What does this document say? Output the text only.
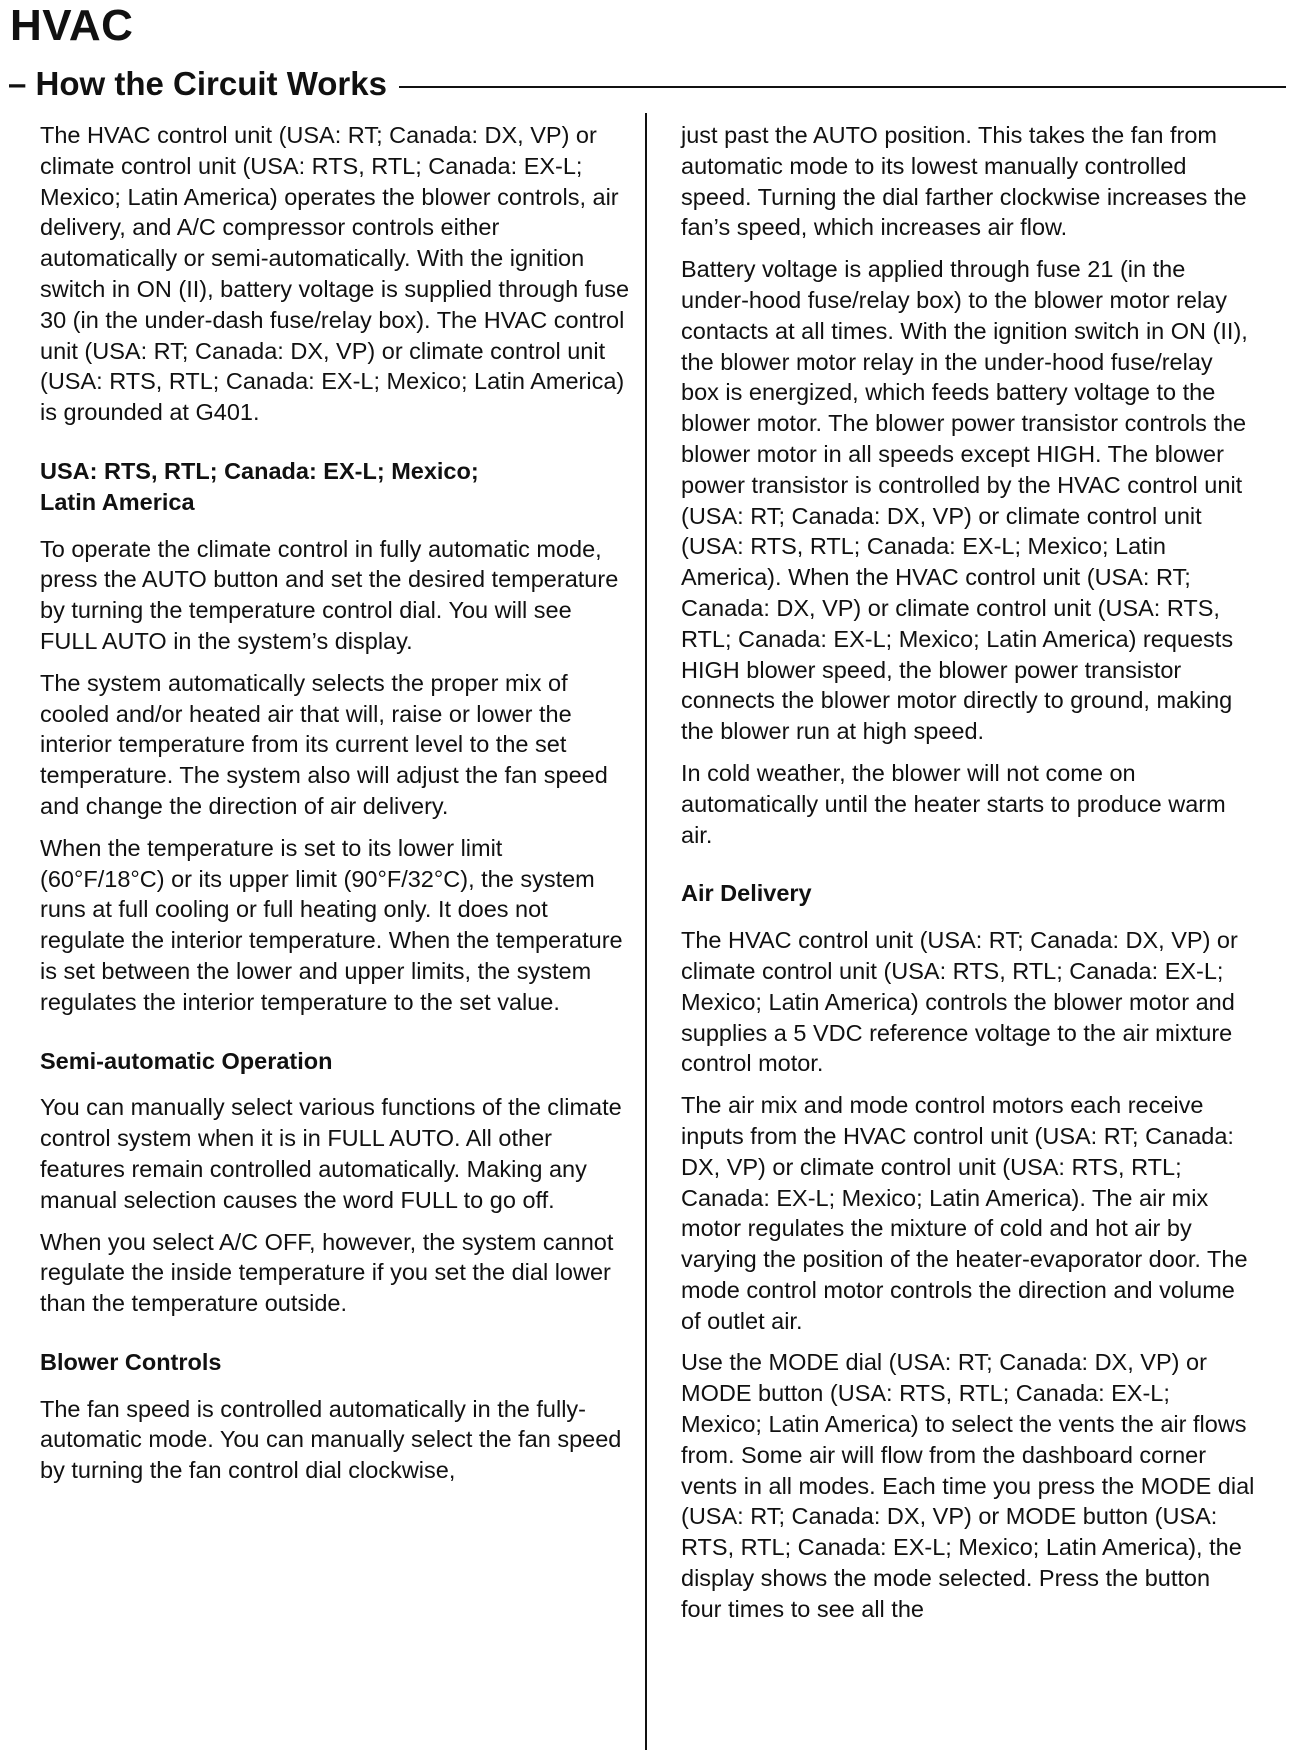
HVAC
– How the Circuit Works

The HVAC control unit (USA: RT; Canada: DX, VP) or climate control unit (USA: RTS, RTL; Canada: EX-L; Mexico; Latin America) operates the blower controls, air delivery, and A/C compressor controls either automatically or semi-automatically. With the ignition switch in ON (II), battery voltage is supplied through fuse 30 (in the under-dash fuse/relay box). The HVAC control unit (USA: RT; Canada: DX, VP) or climate control unit (USA: RTS, RTL; Canada: EX-L; Mexico; Latin America) is grounded at G401.

USA: RTS, RTL; Canada: EX-L; Mexico;
Latin America

To operate the climate control in fully automatic mode, press the AUTO button and set the desired temperature by turning the temperature control dial. You will see FULL AUTO in the system’s display.

The system automatically selects the proper mix of cooled and/or heated air that will, raise or lower the interior temperature from its current level to the set temperature. The system also will adjust the fan speed and change the direction of air delivery.

When the temperature is set to its lower limit (60°F/18°C) or its upper limit (90°F/32°C), the system runs at full cooling or full heating only. It does not regulate the interior temperature. When the temperature is set between the lower and upper limits, the system regulates the interior temperature to the set value.

Semi-automatic Operation

You can manually select various functions of the climate control system when it is in FULL AUTO. All other features remain controlled automatically. Making any manual selection causes the word FULL to go off.

When you select A/C OFF, however, the system cannot regulate the inside temperature if you set the dial lower than the temperature outside.

Blower Controls

The fan speed is controlled automatically in the fully-automatic mode. You can manually select the fan speed by turning the fan control dial clockwise,

just past the AUTO position. This takes the fan from automatic mode to its lowest manually controlled speed. Turning the dial farther clockwise increases the fan’s speed, which increases air flow.

Battery voltage is applied through fuse 21 (in the under-hood fuse/relay box) to the blower motor relay contacts at all times. With the ignition switch in ON (II), the blower motor relay in the under-hood fuse/relay box is energized, which feeds battery voltage to the blower motor. The blower power transistor controls the blower motor in all speeds except HIGH. The blower power transistor is controlled by the HVAC control unit (USA: RT; Canada: DX, VP) or climate control unit (USA: RTS, RTL; Canada: EX-L; Mexico; Latin America). When the HVAC control unit (USA: RT; Canada: DX, VP) or climate control unit (USA: RTS, RTL; Canada: EX-L; Mexico; Latin America) requests HIGH blower speed, the blower power transistor connects the blower motor directly to ground, making the blower run at high speed.

In cold weather, the blower will not come on automatically until the heater starts to produce warm air.

Air Delivery

The HVAC control unit (USA: RT; Canada: DX, VP) or climate control unit (USA: RTS, RTL; Canada: EX-L; Mexico; Latin America) controls the blower motor and supplies a 5 VDC reference voltage to the air mixture control motor.

The air mix and mode control motors each receive inputs from the HVAC control unit (USA: RT; Canada: DX, VP) or climate control unit (USA: RTS, RTL; Canada: EX-L; Mexico; Latin America). The air mix motor regulates the mixture of cold and hot air by varying the position of the heater-evaporator door. The mode control motor controls the direction and volume of outlet air.

Use the MODE dial (USA: RT; Canada: DX, VP) or MODE button (USA: RTS, RTL; Canada: EX-L; Mexico; Latin America) to select the vents the air flows from. Some air will flow from the dashboard corner vents in all modes. Each time you press the MODE dial (USA: RT; Canada: DX, VP) or MODE button (USA: RTS, RTL; Canada: EX-L; Mexico; Latin America), the display shows the mode selected. Press the button four times to see all the
